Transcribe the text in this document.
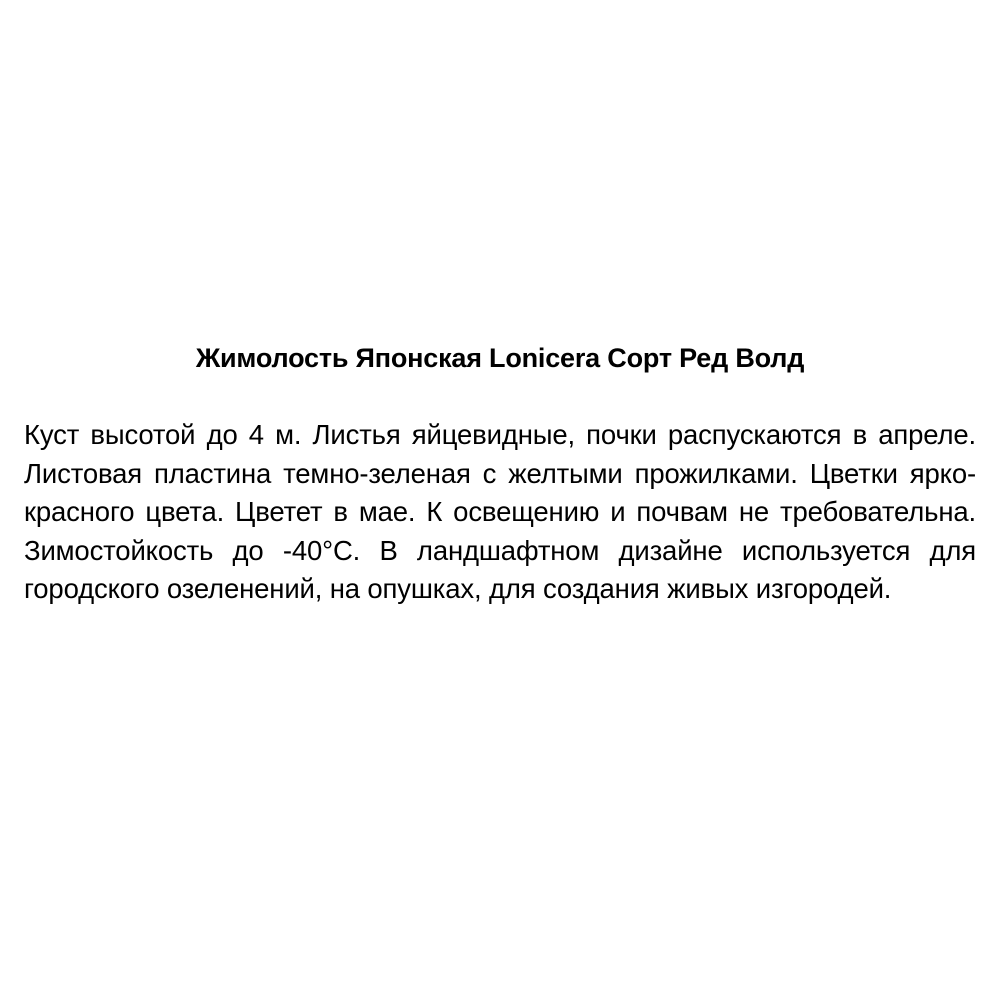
Жимолость Японская Lonicera Сорт Ред Волд

Куст высотой до 4 м. Листья яйцевидные, почки распускаются в апреле. Листовая пластина темно-зеленая с желтыми прожилками. Цветки ярко-красного цвета. Цветет в мае. К освещению и почвам не требовательна. Зимостойкость до -40°C. В ландшафтном дизайне используется для городского озеленений, на опушках, для создания живых изгородей.
